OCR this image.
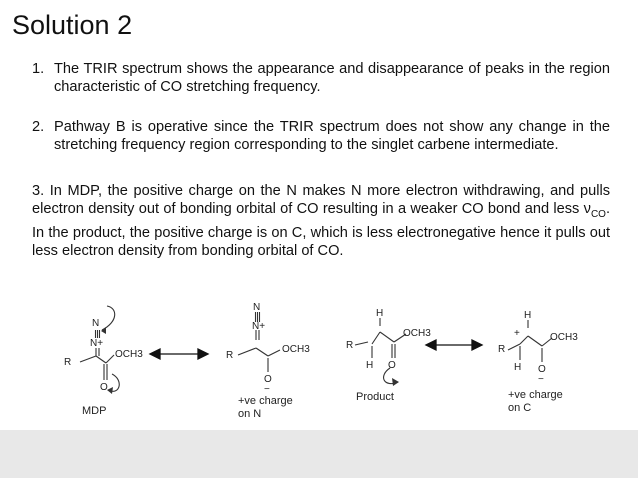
Solution 2
1. The TRIR spectrum shows the appearance and disappearance of peaks in the region characteristic of CO stretching frequency.
2. Pathway B is operative since the TRIR spectrum does not show any change in the stretching frequency region corresponding to the singlet carbene intermediate.
3. In MDP, the positive charge on the N makes N more electron withdrawing, and pulls electron density out of bonding orbital of CO resulting in a weaker CO bond and less $\nu_{CO}$. In the product, the positive charge is on C, which is less electronegative hence it pulls out less electron density from bonding orbital of CO.
N
N+
R
OCH3
O
MDP
N
N+
R
OCH3
O
−
+ve charge
on N
H
R
OCH3
H O
Product
H
+
R
OCH3
H O
−
+ve charge
on C
